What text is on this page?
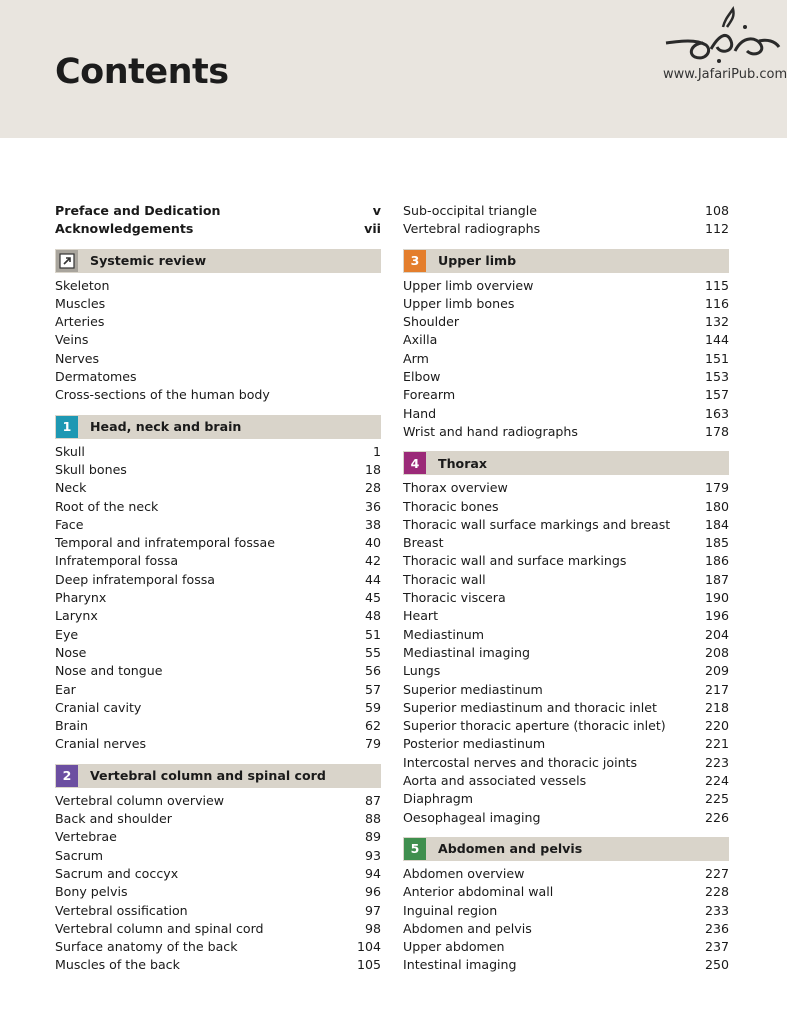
Contents	www.JafariPub.com
Preface and Dedication	v
Acknowledgements	vii
Systemic review
Skeleton
Muscles
Arteries
Veins
Nerves
Dermatomes
Cross-sections of the human body
1	Head, neck and brain
Skull	1
Skull bones	18
Neck	28
Root of the neck	36
Face	38
Temporal and infratemporal fossae	40
Infratemporal fossa	42
Deep infratemporal fossa	44
Pharynx	45
Larynx	48
Eye	51
Nose	55
Nose and tongue	56
Ear	57
Cranial cavity	59
Brain	62
Cranial nerves	79
2	Vertebral column and spinal cord
Vertebral column overview	87
Back and shoulder	88
Vertebrae	89
Sacrum	93
Sacrum and coccyx	94
Bony pelvis	96
Vertebral ossification	97
Vertebral column and spinal cord	98
Surface anatomy of the back	104
Muscles of the back	105
Sub-occipital triangle	108
Vertebral radiographs	112
3	Upper limb
Upper limb overview	115
Upper limb bones	116
Shoulder	132
Axilla	144
Arm	151
Elbow	153
Forearm	157
Hand	163
Wrist and hand radiographs	178
4	Thorax
Thorax overview	179
Thoracic bones	180
Thoracic wall surface markings and breast	184
Breast	185
Thoracic wall and surface markings	186
Thoracic wall	187
Thoracic viscera	190
Heart	196
Mediastinum	204
Mediastinal imaging	208
Lungs	209
Superior mediastinum	217
Superior mediastinum and thoracic inlet	218
Superior thoracic aperture (thoracic inlet)	220
Posterior mediastinum	221
Intercostal nerves and thoracic joints	223
Aorta and associated vessels	224
Diaphragm	225
Oesophageal imaging	226
5	Abdomen and pelvis
Abdomen overview	227
Anterior abdominal wall	228
Inguinal region	233
Abdomen and pelvis	236
Upper abdomen	237
Intestinal imaging	250
